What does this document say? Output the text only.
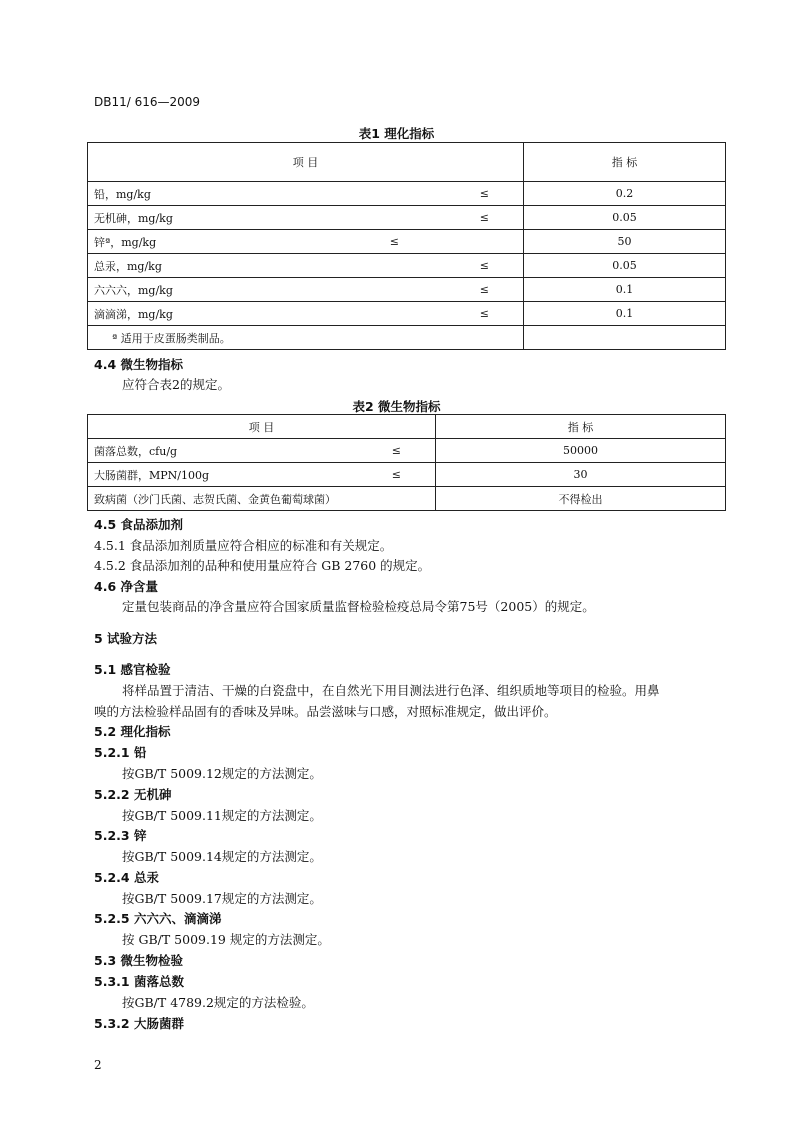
DB11/ 616—2009
表1 理化指标
项 目	指 标

铅，mg/kg ≤	0.2

无机砷，mg/kg ≤	0.05

锌ª，mg/kg ≤	50

总汞，mg/kg ≤	0.05

六六六，mg/kg ≤	0.1

滴滴涕，mg/kg ≤	0.1
ª 适用于皮蛋肠类制品。	
4.4 微生物指标
应符合表2的规定。
表2 微生物指标
项 目	指 标

菌落总数，cfu/g ≤	50000

大肠菌群，MPN/100g ≤	30
致病菌（沙门氏菌、志贺氏菌、金黄色葡萄球菌）	不得检出
4.5 食品添加剂
4.5.1 食品添加剂质量应符合相应的标准和有关规定。
4.5.2 食品添加剂的品种和使用量应符合 GB 2760 的规定。
4.6 净含量
定量包装商品的净含量应符合国家质量监督检验检疫总局令第75号（2005）的规定。
5 试验方法
5.1 感官检验
将样品置于清洁、干燥的白瓷盘中，在自然光下用目测法进行色泽、组织质地等项目的检验。用鼻
嗅的方法检验样品固有的香味及异味。品尝滋味与口感，对照标准规定，做出评价。
5.2 理化指标
5.2.1 铅
按GB/T 5009.12规定的方法测定。
5.2.2 无机砷
按GB/T 5009.11规定的方法测定。
5.2.3 锌
按GB/T 5009.14规定的方法测定。
5.2.4 总汞
按GB/T 5009.17规定的方法测定。
5.2.5 六六六、滴滴涕
按 GB/T 5009.19 规定的方法测定。
5.3 微生物检验
5.3.1 菌落总数
按GB/T 4789.2规定的方法检验。
5.3.2 大肠菌群
2
